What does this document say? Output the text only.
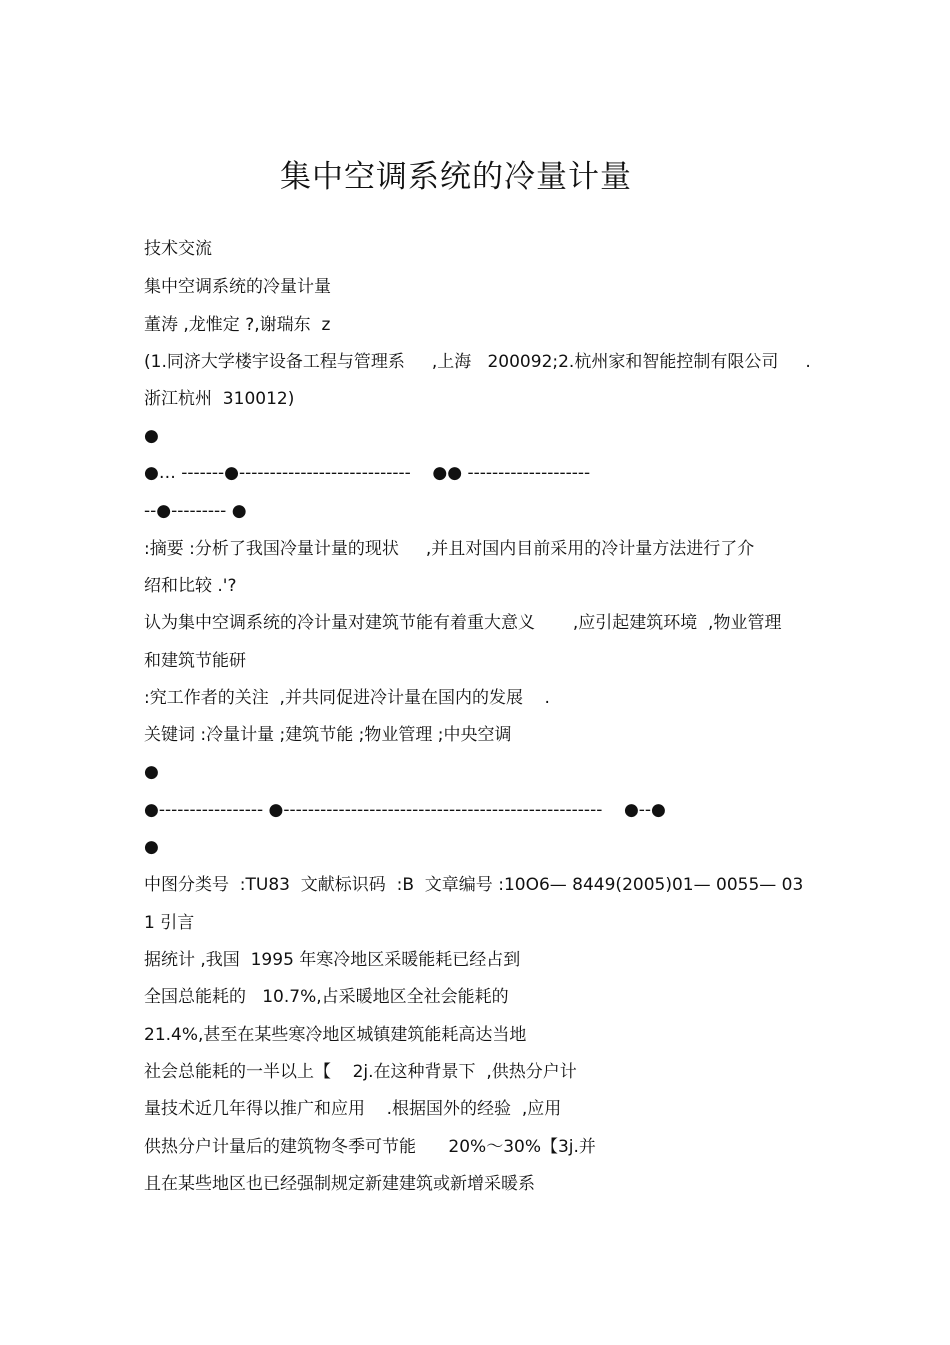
集中空调系统的冷量计量
技术交流
集中空调系统的冷量计量
董涛 ,龙惟定 ?,谢瑞东  z
(1.同济大学楼宇设备工程与管理系     ,上海   200092;2.杭州家和智能控制有限公司     .
浙江杭州  310012)
●
●… -------●----------------------------    ●● --------------------
--●--------- ●
:摘要 :分析了我国冷量计量的现状     ,并且对国内目前采用的冷计量方法进行了介
绍和比较 .'?
认为集中空调系统的冷计量对建筑节能有着重大意义       ,应引起建筑环境  ,物业管理
和建筑节能研
:究工作者的关注  ,并共同促进冷计量在国内的发展    .
关键词 :冷量计量 ;建筑节能 ;物业管理 ;中央空调
●
●----------------- ●----------------------------------------------------    ●--●
●
中图分类号  :TU83  文献标识码  :B  文章编号 :10O6— 8449(2005)01— 0055— 03
1 引言
据统计 ,我国  1995 年寒冷地区采暖能耗已经占到
全国总能耗的   10.7%,占采暖地区全社会能耗的
21.4%,甚至在某些寒冷地区城镇建筑能耗高达当地
社会总能耗的一半以上【    2j.在这种背景下  ,供热分户计
量技术近几年得以推广和应用    .根据国外的经验  ,应用
供热分户计量后的建筑物冬季可节能      20%～30%【3j.并
且在某些地区也已经强制规定新建建筑或新增采暖系
